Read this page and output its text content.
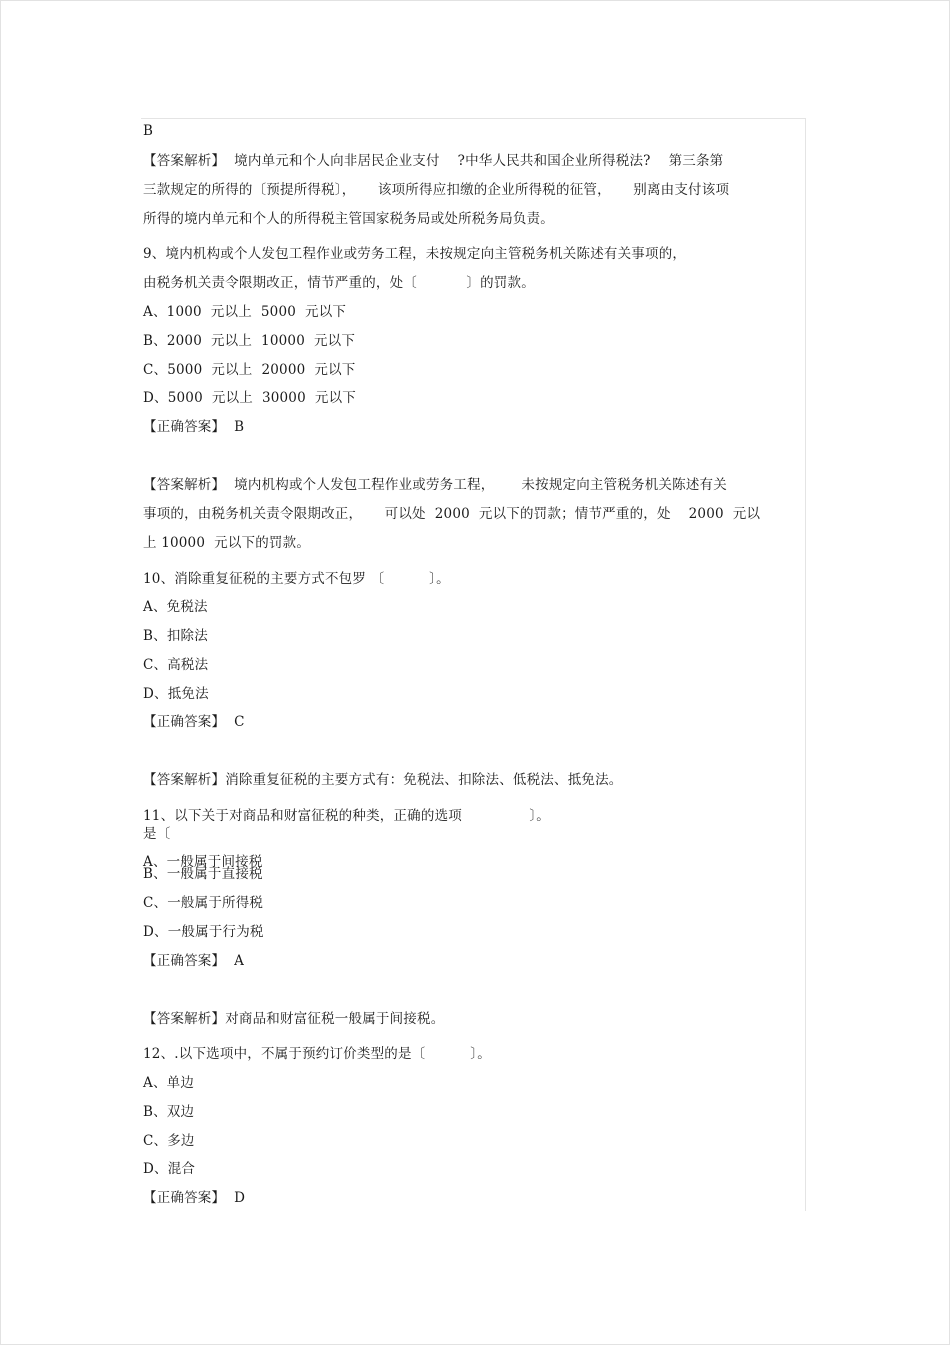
B
【答案解析】  境内单元和个人向非居民企业支付    ?中华人民共和国企业所得税法?    第三条第
三款规定的所得的〔预提所得税〕，     该项所得应扣缴的企业所得税的征管，     别离由支付该项
所得的境内单元和个人的所得税主管国家税务局或处所税务局负责。
9、境内机构或个人发包工程作业或劳务工程，未按规定向主管税务机关陈述有关事项的，
由税务机关责令限期改正，情节严重的，处〔           〕的罚款。
A、1000  元以上  5000  元以下
B、2000  元以上  10000  元以下
C、5000  元以上  20000  元以下
D、5000  元以上  30000  元以下
【正确答案】  B
【答案解析】  境内机构或个人发包工程作业或劳务工程，      未按规定向主管税务机关陈述有关
事项的，由税务机关责令限期改正，     可以处  2000  元以下的罚款；情节严重的，处    2000  元以
上 10000  元以下的罚款。
10、消除重复征税的主要方式不包罗 〔          〕。
A、免税法
B、扣除法
C、高税法
D、抵免法
【正确答案】  C
【答案解析】消除重复征税的主要方式有：免税法、扣除法、低税法、抵免法。
11、以下关于对商品和财富征税的种类，正确的选项               〕。
是〔
A、一般属于间接税
B、一般属于直接税
C、一般属于所得税
D、一般属于行为税
【正确答案】  A
【答案解析】对商品和财富征税一般属于间接税。
12、.以下选项中，不属于预约订价类型的是〔          〕。
A、单边
B、双边
C、多边
D、混合
【正确答案】  D
